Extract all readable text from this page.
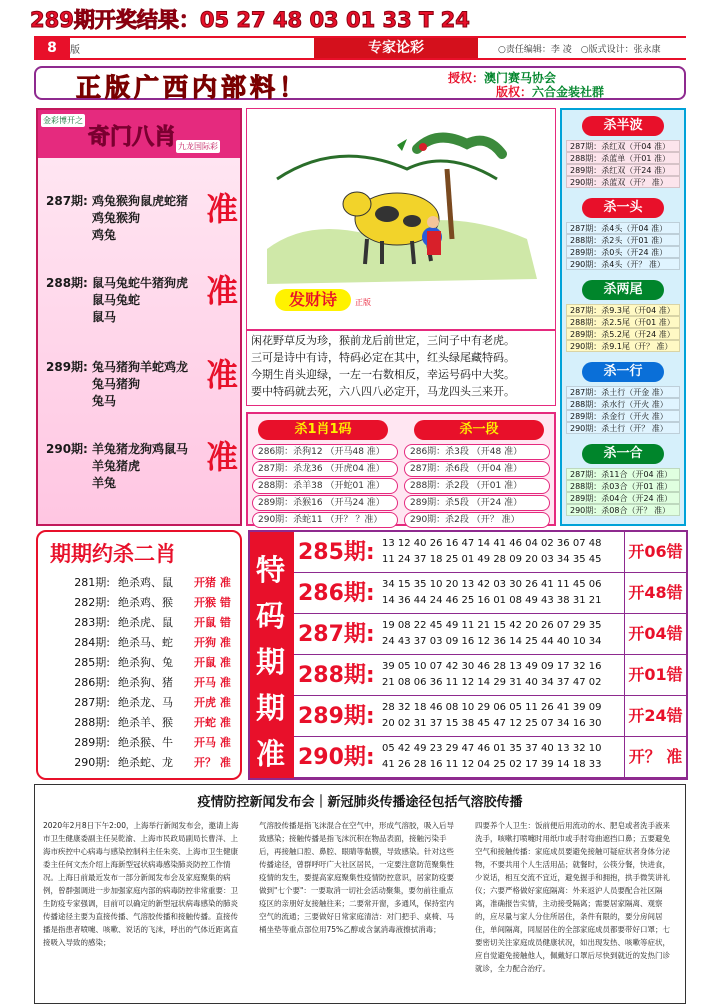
289期开奖结果：05 27 48 03 01 33 T 24
8	版	专家论彩	○责任编辑：李 凌　○版式设计：张永康
正版广西内部料！	授权：澳门赛马协会
版权：六合金装社群
金彩博开之
奇门八肖 九龙国际彩
287期: 鸡兔猴狗鼠虎蛇猪
鸡兔猴狗
鸡兔
准
288期: 鼠马兔蛇牛猪狗虎
鼠马兔蛇
鼠马
准
289期: 兔马猪狗羊蛇鸡龙
兔马猪狗
兔马
准
290期: 羊兔猪龙狗鸡鼠马
羊兔猪虎
羊兔
准
发财诗	正版
闲花野草反为珍，猴前龙后前世定，三问子中有老虎。
三可是诗中有诗，特码必定在其中，红头绿尾藏特码。
今期生肖头迎绿，一左一右数相反，幸运号码中大奖。
要中特码就去死，六八四八必定开，马龙四头三来开。
杀1肖1码	杀一段
286期：杀狗12 （开马48 准）
287期：杀龙36 （开虎04 准）
288期：杀羊38 （开蛇01 准）
289期：杀猴16 （开马24 准）
290期：杀蛇11 （开？ ？准）
286期：杀3段 （开48 准）
287期：杀6段 （开04 准）
288期：杀2段 （开01 准）
289期：杀5段 （开24 准）
290期：杀2段 （开？ 准）
杀半波
287期：杀红双（开04 准）
288期：杀蓝单（开01 准）
289期：杀红双（开24 准）
290期：杀蓝双（开？ 准）
杀一头
287期：杀4头（开04 准）
288期：杀2头（开01 准）
289期：杀0头（开24 准）
290期：杀4头（开？ 准）
杀两尾
287期：杀9.3尾（开04 准）
288期：杀2.5尾（开01 准）
289期：杀5.2尾（开24 准）
290期：杀9.1尾（开？ 准）
杀一行
287期：杀土行（开金 准）
288期：杀水行（开火 准）
289期：杀金行（开火 准）
290期：杀土行（开？ 准）
杀一合
287期：杀11合（开04 准）
288期：杀03合（开01 准）
289期：杀04合（开24 准）
290期：杀08合（开？ 准）
期期约杀二肖
281期: 绝杀鸡、鼠 开猪 准
282期: 绝杀鸡、猴 开猴 错
283期: 绝杀虎、鼠 开鼠 错
284期: 绝杀马、蛇 开狗 准
285期: 绝杀狗、兔 开鼠 准
286期: 绝杀狗、猪 开马 准
287期: 绝杀龙、马 开虎 准
288期: 绝杀羊、猴 开蛇 准
289期: 绝杀猴、牛 开马 准
290期: 绝杀蛇、龙 开？ 准
特
码
期
期
准
285期: 13 12 40 26 16 47 14 41 46 04 02 36 07 48
11 24 37 18 25 01 49 28 09 20 03 34 35 45 开06错
286期: 34 15 35 10 20 13 42 03 30 26 41 11 45 06
14 36 44 24 46 25 16 01 08 49 43 38 31 21 开48错
287期: 19 08 22 45 49 11 21 15 42 20 26 07 29 35
24 43 37 03 09 16 12 36 14 25 44 40 10 34 开04错
288期: 39 05 10 07 42 30 46 28 13 49 09 17 32 16
21 08 06 36 11 12 14 29 31 40 34 37 47 02 开01错
289期: 28 32 18 46 08 10 29 06 05 11 26 41 39 09
20 02 31 37 15 38 45 47 12 25 07 34 16 30 开24错
290期: 05 42 49 23 29 47 46 01 35 37 40 13 32 10
41 26 28 16 11 12 04 25 02 17 39 14 18 33 开？ 准
疫情防控新闻发布会｜新冠肺炎传播途径包括气溶胶传播
2020年2月8日下午2:00，上海举行新闻发布会，邀请上海市卫生健康委副主任吴乾渝、上海市民政局副局长曹洋、上海市疾控中心病毒与感染控制科主任朱奕、上海市卫生健康委主任何文杰介绍上海新型冠状病毒感染肺炎防控工作情况。上海日前最近发布一部分新闻发布会及家庭聚集的病例，曾群强调进一步加强家庭内部的病毒防控非常重要：卫生防疫专家强调，目前可以确定的新型冠状病毒感染的肺炎传播途径主要为直接传播、气溶胶传播和接触传播。直接传播是指患者喷嚏、咳嗽、说话的飞沫，呼出的气体近距离直接吸入导致的感染；
气溶胶传播是指飞沫混合在空气中，形成气溶胶，吸入后导致感染；接触传播是指飞沫沉积在物品表面，接触污染手后，再接触口腔、鼻腔、眼睛等黏膜，导致感染。针对这些传播途径，曾群呼吁广大社区居民，一定要注意防范聚集性疫情的发生，要提高家庭聚集性疫情防控意识，居家防疫要做到"七个要"：一要取消一切社会活动聚集，要勿前往重点疫区的亲朋好友接触往来；二要常开窗，多通风，保持室内空气的流通；三要做好日常家庭清洁：对门把手、桌椅、马桶坐垫等重点部位用75%乙醇或含氯消毒液擦拭消毒；
四要养个人卫生：饭前便后用流动的水、肥皂或者洗手液来洗手，咳嗽打喷嚏时用纸巾或手肘弯曲遮挡口鼻；五要避免空气和接触传播：家庭成员要避免接触可疑症状者身体分泌物，不要共用个人生活用品；就餐时，公筷分餐，快进食，少说话，相互交流不宜近，避免握手和拥抱，拱手微笑讲礼仪；六要严格做好家庭隔离：外来返沪人员要配合社区隔离，准确报告实情，主动接受隔离；需要居家隔离、观察的，应尽量与家人分住所居住，条件有限的，要分房间居住，单间隔离，同屋居住的全部家庭成员都要带好口罩；七要密切关注家庭成员健康状况，如出现发热、咳嗽等症状，应自觉避免接触他人，佩戴好口罩后尽快到就近的发热门诊就诊，全力配合治疗。
